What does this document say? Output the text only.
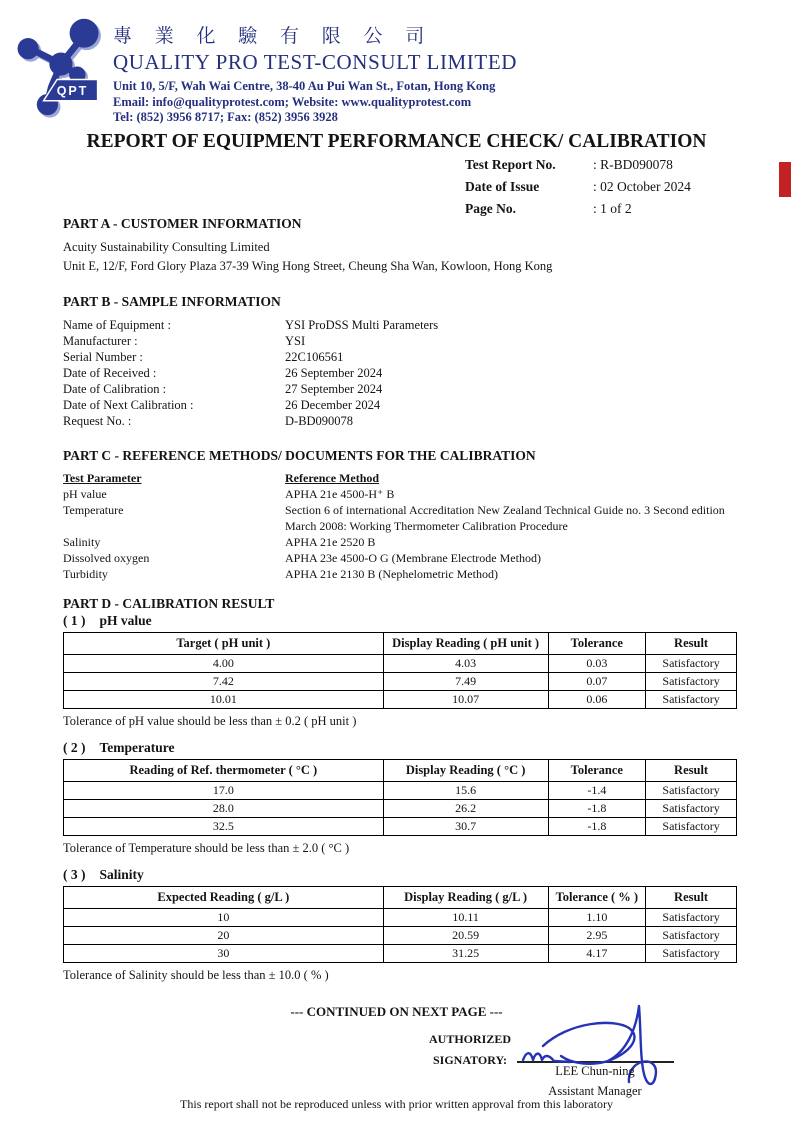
QPT
專 業 化 驗 有 限 公 司
QUALITY PRO TEST-CONSULT LIMITED
Unit 10, 5/F, Wah Wai Centre, 38-40 Au Pui Wan St., Fotan, Hong Kong
Email: info@qualityprotest.com; Website: www.qualityprotest.com
Tel: (852) 3956 8717; Fax: (852) 3956 3928
REPORT OF EQUIPMENT PERFORMANCE CHECK/ CALIBRATION
Test Report No.	: R-BD090078
Date of Issue	: 02 October 2024
Page No.	: 1 of 2
PART A - CUSTOMER INFORMATION
Acuity Sustainability Consulting Limited
Unit E, 12/F, Ford Glory Plaza 37-39 Wing Hong Street, Cheung Sha Wan, Kowloon, Hong Kong
PART B - SAMPLE INFORMATION
Name of Equipment :	YSI ProDSS Multi Parameters
Manufacturer :	YSI
Serial Number :	22C106561
Date of Received :	26 September 2024
Date of Calibration :	27 September 2024
Date of Next Calibration :	26 December 2024
Request No. :	D-BD090078
PART C - REFERENCE METHODS/ DOCUMENTS FOR THE CALIBRATION
Test Parameter	Reference Method
pH value	APHA 21e 4500-H⁺ B
Temperature	Section 6 of international Accreditation New Zealand Technical Guide no. 3 Second edition March 2008: Working Thermometer Calibration Procedure
Salinity	APHA 21e 2520 B
Dissolved oxygen	APHA 23e 4500-O G (Membrane Electrode Method)
Turbidity	APHA 21e 2130 B (Nephelometric Method)
PART D - CALIBRATION RESULT
( 1 ) pH value
Target ( pH unit )	Display Reading ( pH unit )	Tolerance	Result
4.00	4.03	0.03	Satisfactory
7.42	7.49	0.07	Satisfactory
10.01	10.07	0.06	Satisfactory
Tolerance of pH value should be less than ± 0.2 ( pH unit )
( 2 ) Temperature
Reading of Ref. thermometer ( °C )	Display Reading ( °C )	Tolerance	Result
17.0	15.6	-1.4	Satisfactory
28.0	26.2	-1.8	Satisfactory
32.5	30.7	-1.8	Satisfactory
Tolerance of Temperature should be less than ± 2.0 ( °C )
( 3 ) Salinity
Expected Reading ( g/L )	Display Reading ( g/L )	Tolerance ( % )	Result
10	10.11	1.10	Satisfactory
20	20.59	2.95	Satisfactory
30	31.25	4.17	Satisfactory
Tolerance of Salinity should be less than ± 10.0 ( % )
--- CONTINUED ON NEXT PAGE ---
AUTHORIZED
SIGNATORY:
LEE Chun-ning
Assistant Manager
This report shall not be reproduced unless with prior written approval from this laboratory
